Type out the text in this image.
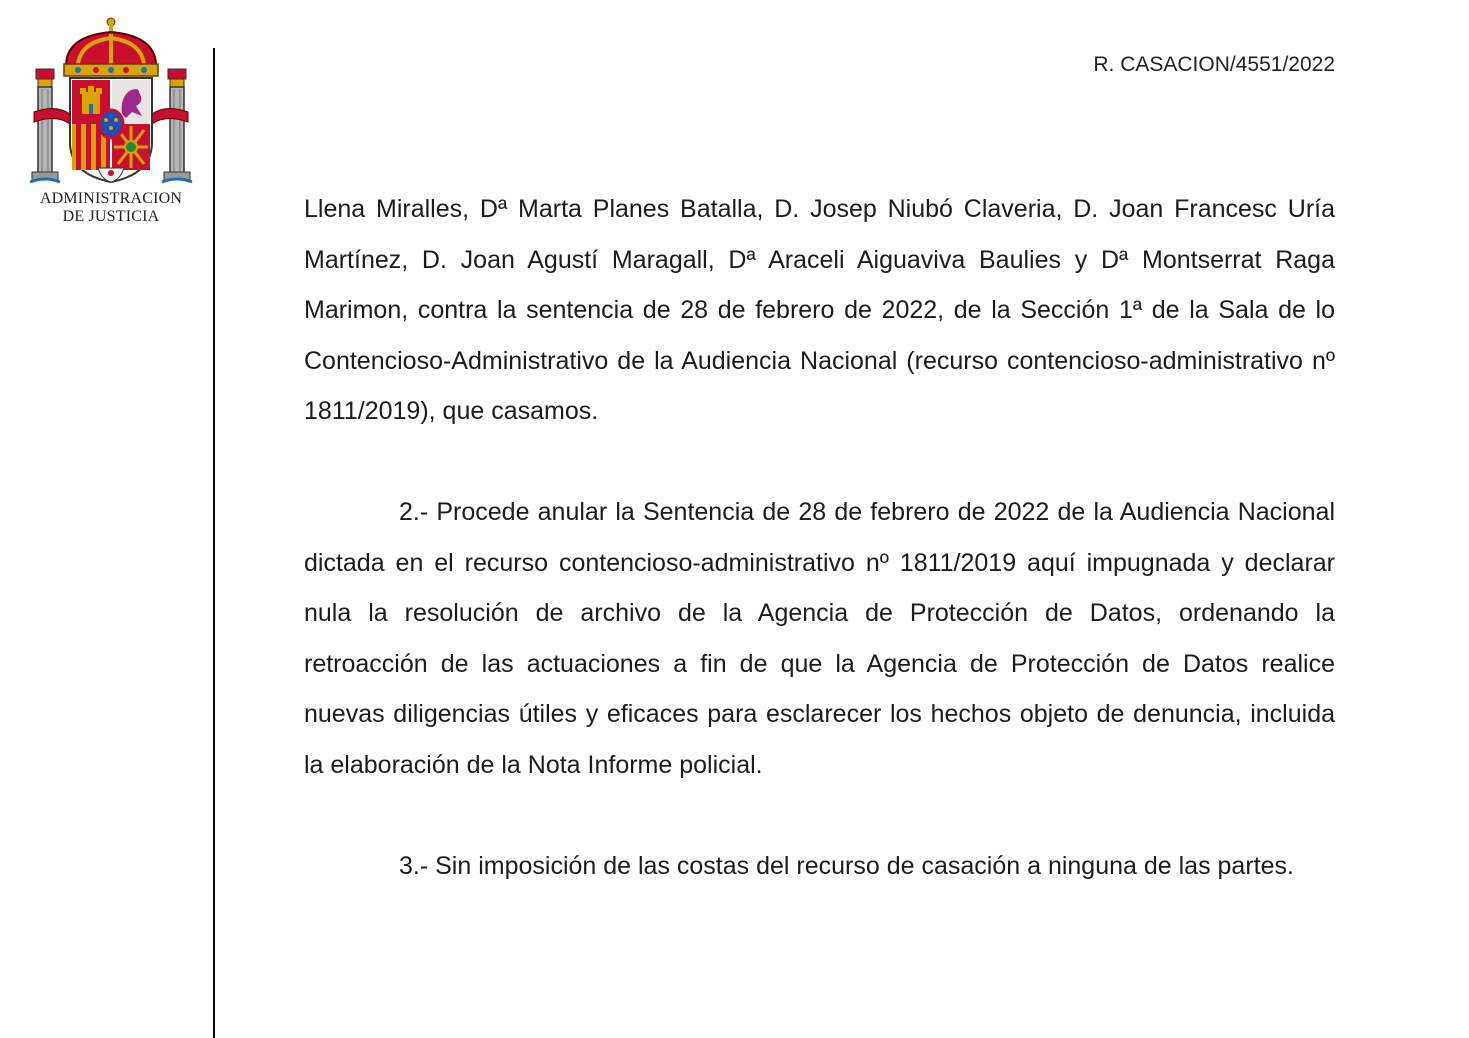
ADMINISTRACION
DE JUSTICIA
R. CASACION/4551/2022

Llena Miralles, Dª Marta Planes Batalla, D. Josep Niubó Claveria, D. Joan Francesc Uría Martínez, D. Joan Agustí Maragall, Dª Araceli Aiguaviva Baulies y Dª Montserrat Raga Marimon, contra la sentencia de 28 de febrero de 2022, de la Sección 1ª de la Sala de lo Contencioso-Administrativo de la Audiencia Nacional (recurso contencioso-administrativo nº 1811/2019), que casamos.

2.- Procede anular la Sentencia de 28 de febrero de 2022 de la Audiencia Nacional dictada en el recurso contencioso-administrativo nº 1811/2019 aquí impugnada y declarar nula la resolución de archivo de la Agencia de Protección de Datos, ordenando la retroacción de las actuaciones a fin de que la Agencia de Protección de Datos realice nuevas diligencias útiles y eficaces para esclarecer los hechos objeto de denuncia, incluida la elaboración de la Nota Informe policial.

3.- Sin imposición de las costas del recurso de casación a ninguna de las partes.
